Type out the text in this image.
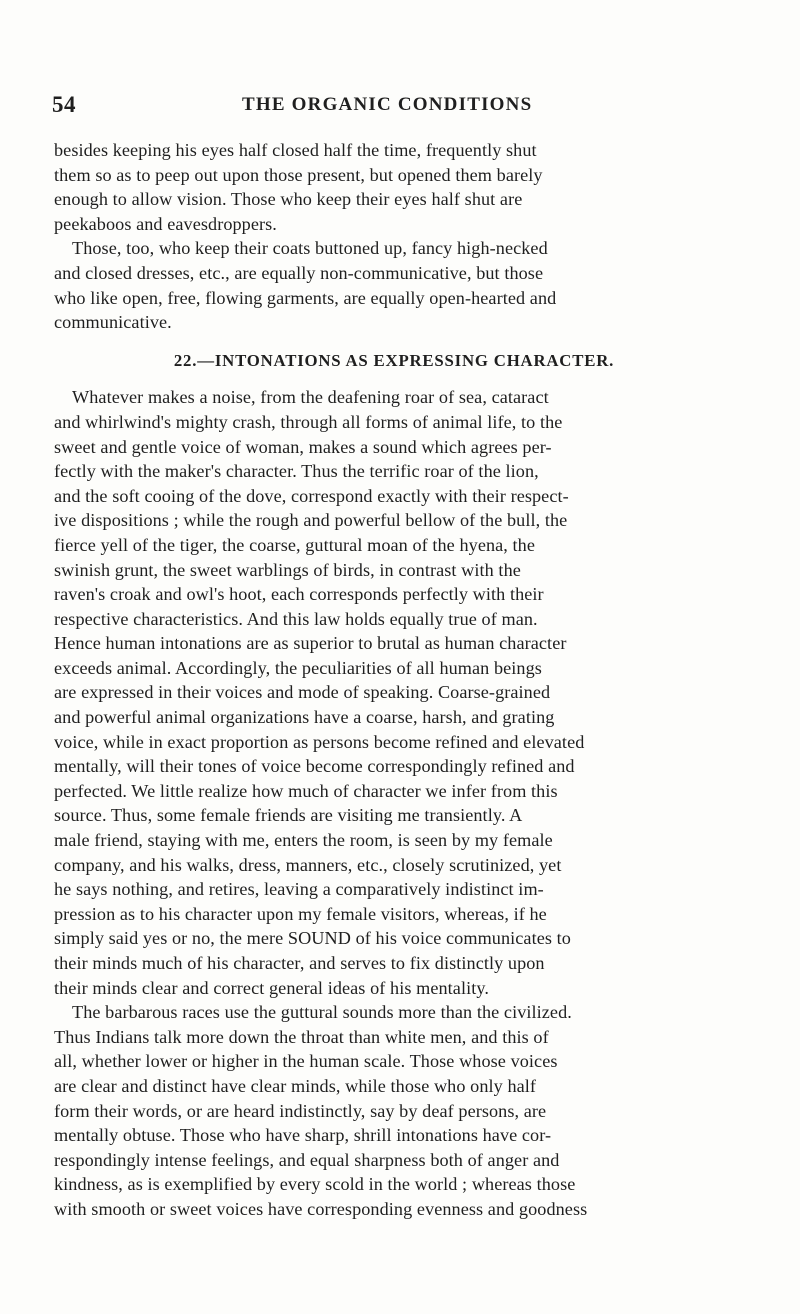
54	THE ORGANIC CONDITIONS
besides keeping his eyes half closed half the time, frequently shut
them so as to peep out upon those present, but opened them barely
enough to allow vision. Those who keep their eyes half shut are
peekaboos and eavesdroppers.
Those, too, who keep their coats buttoned up, fancy high-necked
and closed dresses, etc., are equally non-communicative, but those
who like open, free, flowing garments, are equally open-hearted and
communicative.
22.—INTONATIONS AS EXPRESSING CHARACTER.
Whatever makes a noise, from the deafening roar of sea, cataract
and whirlwind's mighty crash, through all forms of animal life, to the
sweet and gentle voice of woman, makes a sound which agrees per-
fectly with the maker's character. Thus the terrific roar of the lion,
and the soft cooing of the dove, correspond exactly with their respect-
ive dispositions ; while the rough and powerful bellow of the bull, the
fierce yell of the tiger, the coarse, guttural moan of the hyena, the
swinish grunt, the sweet warblings of birds, in contrast with the
raven's croak and owl's hoot, each corresponds perfectly with their
respective characteristics. And this law holds equally true of man.
Hence human intonations are as superior to brutal as human character
exceeds animal. Accordingly, the peculiarities of all human beings
are expressed in their voices and mode of speaking. Coarse-grained
and powerful animal organizations have a coarse, harsh, and grating
voice, while in exact proportion as persons become refined and elevated
mentally, will their tones of voice become correspondingly refined and
perfected. We little realize how much of character we infer from this
source. Thus, some female friends are visiting me transiently. A
male friend, staying with me, enters the room, is seen by my female
company, and his walks, dress, manners, etc., closely scrutinized, yet
he says nothing, and retires, leaving a comparatively indistinct im-
pression as to his character upon my female visitors, whereas, if he
simply said yes or no, the mere SOUND of his voice communicates to
their minds much of his character, and serves to fix distinctly upon
their minds clear and correct general ideas of his mentality.
The barbarous races use the guttural sounds more than the civilized.
Thus Indians talk more down the throat than white men, and this of
all, whether lower or higher in the human scale. Those whose voices
are clear and distinct have clear minds, while those who only half
form their words, or are heard indistinctly, say by deaf persons, are
mentally obtuse. Those who have sharp, shrill intonations have cor-
respondingly intense feelings, and equal sharpness both of anger and
kindness, as is exemplified by every scold in the world ; whereas those
with smooth or sweet voices have corresponding evenness and goodness
